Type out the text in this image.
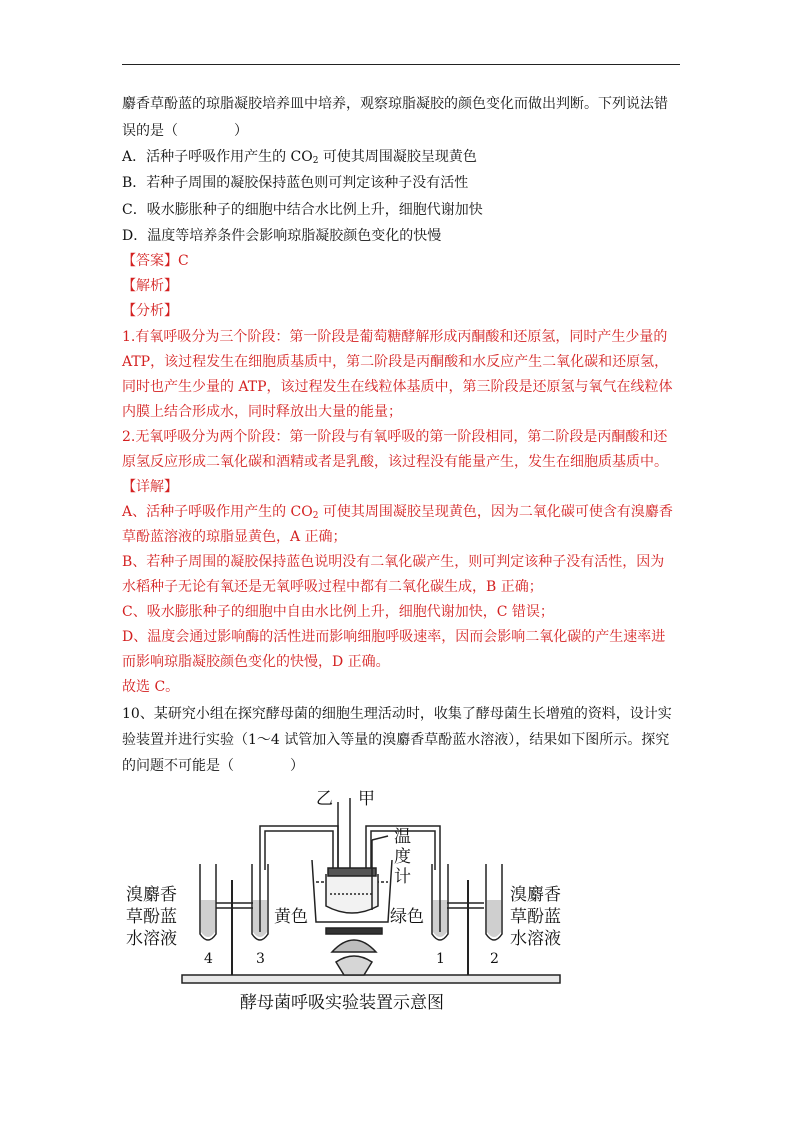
麝香草酚蓝的琼脂凝胶培养皿中培养，观察琼脂凝胶的颜色变化而做出判断。下列说法错
误的是（	）
A．活种子呼吸作用产生的 $CO_2$ 可使其周围凝胶呈现黄色
B．若种子周围的凝胶保持蓝色则可判定该种子没有活性
C．吸水膨胀种子的细胞中结合水比例上升，细胞代谢加快
D．温度等培养条件会影响琼脂凝胶颜色变化的快慢
【答案】C
【解析】
【分析】
1.有氧呼吸分为三个阶段：第一阶段是葡萄糖酵解形成丙酮酸和还原氢，同时产生少量的
ATP，该过程发生在细胞质基质中，第二阶段是丙酮酸和水反应产生二氧化碳和还原氢，
同时也产生少量的 ATP，该过程发生在线粒体基质中，第三阶段是还原氢与氧气在线粒体
内膜上结合形成水，同时释放出大量的能量；
2.无氧呼吸分为两个阶段：第一阶段与有氧呼吸的第一阶段相同，第二阶段是丙酮酸和还
原氢反应形成二氧化碳和酒精或者是乳酸，该过程没有能量产生，发生在细胞质基质中。
【详解】
A、活种子呼吸作用产生的 $CO_2$ 可使其周围凝胶呈现黄色，因为二氧化碳可使含有溴麝香
草酚蓝溶液的琼脂显黄色，A 正确；
B、若种子周围的凝胶保持蓝色说明没有二氧化碳产生，则可判定该种子没有活性，因为
水稻种子无论有氧还是无氧呼吸过程中都有二氧化碳生成，B 正确；
C、吸水膨胀种子的细胞中自由水比例上升，细胞代谢加快，C 错误；
D、温度会通过影响酶的活性进而影响细胞呼吸速率，因而会影响二氧化碳的产生速率进
而影响琼脂凝胶颜色变化的快慢，D 正确。
故选 C。
10、某研究小组在探究酵母菌的细胞生理活动时，收集了酵母菌生长增殖的资料，设计实
验装置并进行实验（1～4 试管加入等量的溴麝香草酚蓝水溶液），结果如下图所示。探究
的问题不可能是（	）
乙 甲
温
度
计
溴麝香
草酚蓝
水溶液
溴麝香
草酚蓝
水溶液
黄色	绿色
4	3	1	2
酵母菌呼吸实验装置示意图
